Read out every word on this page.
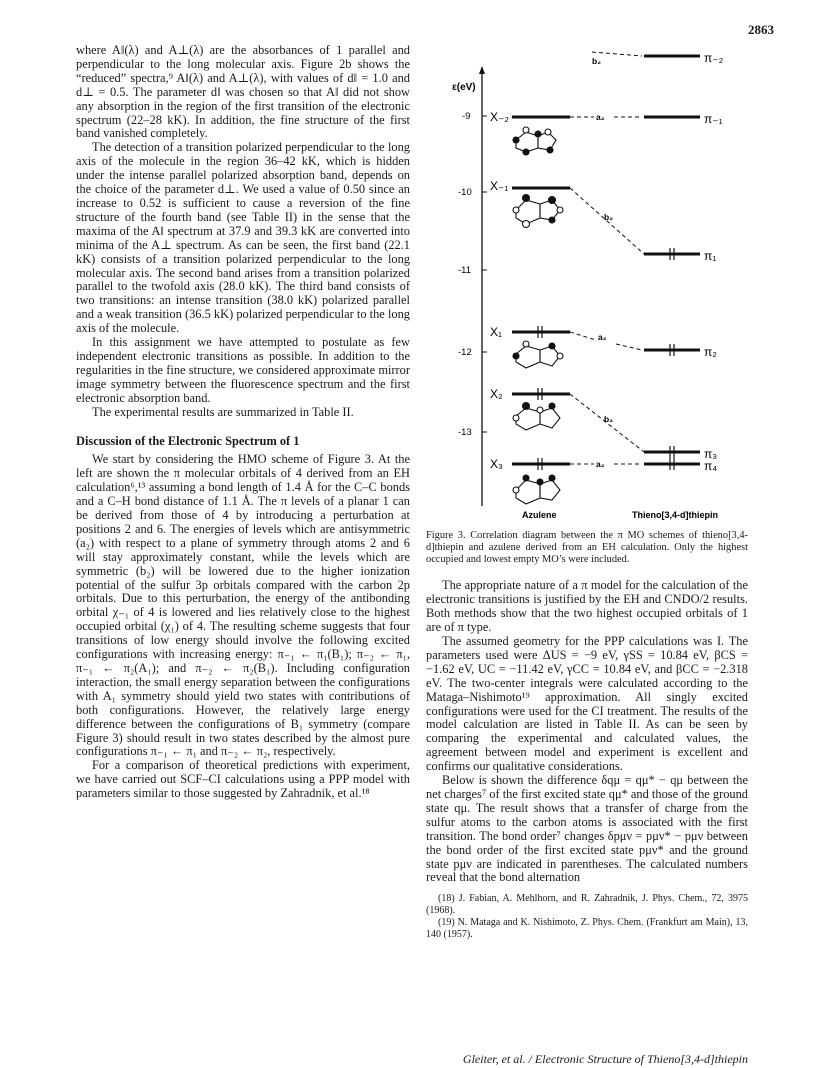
2863

where A‖(λ) and A⊥(λ) are the absorbances of 1 parallel and perpendicular to the long molecular axis. Figure 2b shows the “reduced” spectra,⁹ A‖(λ) and A⊥(λ), with values of d‖ = 1.0 and d⊥ = 0.5. The parameter d‖ was chosen so that A‖ did not show any absorption in the region of the first transition of the electronic spectrum (22–28 kK). In addition, the fine structure of the first band vanished completely.

The detection of a transition polarized perpendicular to the long axis of the molecule in the region 36–42 kK, which is hidden under the intense parallel polarized absorption band, depends on the choice of the parameter d⊥. We used a value of 0.50 since an increase to 0.52 is sufficient to cause a reversion of the fine structure of the fourth band (see Table II) in the sense that the maxima of the A‖ spectrum at 37.9 and 39.3 kK are converted into minima of the A⊥ spectrum. As can be seen, the first band (22.1 kK) consists of a transition polarized perpendicular to the long molecular axis. The second band arises from a transition polarized parallel to the twofold axis (28.0 kK). The third band consists of two transitions: an intense transition (38.0 kK) polarized parallel and a weak transition (36.5 kK) polarized perpendicular to the long axis of the molecule.

In this assignment we have attempted to postulate as few independent electronic transitions as possible. In addition to the regularities in the fine structure, we considered approximate mirror image symmetry between the fluorescence spectrum and the first electronic absorption band.

The experimental results are summarized in Table II.

Discussion of the Electronic Spectrum of 1

We start by considering the HMO scheme of Figure 3. At the left are shown the π molecular orbitals of 4 derived from an EH calculation⁶,¹³ assuming a bond length of 1.4 Å for the C–C bonds and a C–H bond distance of 1.1 Å. The π levels of a planar 1 can be derived from those of 4 by introducing a perturbation at positions 2 and 6. The energies of levels which are antisymmetric (a₂) with respect to a plane of symmetry through atoms 2 and 6 will stay approximately constant, while the levels which are symmetric (b₂) will be lowered due to the higher ionization potential of the sulfur 3p orbitals compared with the carbon 2p orbitals. Due to this perturbation, the energy of the antibonding orbital χ₋₁ of 4 is lowered and lies relatively close to the highest occupied orbital (χ₁) of 4. The resulting scheme suggests that four transitions of low energy should involve the following excited configurations with increasing energy: π₋₁ ← π₁(B₁); π₋₂ ← π₁, π₋₁ ← π₂(A₁); and π₋₂ ← π₂(B₁). Including configuration interaction, the small energy separation between the configurations with A₁ symmetry should yield two states with contributions of both configurations. However, the relatively large energy difference between the configurations of B₁ symmetry (compare Figure 3) should result in two states described by the almost pure configurations π₋₁ ← π₁ and π₋₂ ← π₂, respectively.

For a comparison of theoretical predictions with experiment, we have carried out SCF–CI calculations using a PPP model with parameters similar to those suggested by Zahradnik, et al.¹⁸

ε(eV)
-9
-10
-11
-12
-13
X₋₂
X₋₁
X₁
X₂
X₃
π₋₂
π₋₁
π₁
π₂
π₃
π₄
b₂
a₂
b₂
a₂
b₂
a₂
Azulene	Thieno[3,4-d]thiepin

Figure 3. Correlation diagram between the π MO schemes of thieno[3,4-d]thiepin and azulene derived from an EH calculation. Only the highest occupied and lowest empty MO’s were included.

The appropriate nature of a π model for the calculation of the electronic transitions is justified by the EH and CNDO/2 results. Both methods show that the two highest occupied orbitals of 1 are of π type.

The assumed geometry for the PPP calculations was I. The parameters used were ΔUS = −9 eV, γSS = 10.84 eV, βCS = −1.62 eV, UC = −11.42 eV, γCC = 10.84 eV, and βCC = −2.318 eV. The two-center integrals were calculated according to the Mataga–Nishimoto¹⁹ approximation. All singly excited configurations were used for the CI treatment. The results of the model calculation are listed in Table II. As can be seen by comparing the experimental and calculated values, the agreement between model and experiment is excellent and confirms our qualitative considerations.

Below is shown the difference δqμ = qμ* − qμ between the net charges⁷ of the first excited state qμ* and those of the ground state qμ. The result shows that a transfer of charge from the sulfur atoms to the carbon atoms is associated with the first transition. The bond order⁷ changes δpμν = pμν* − pμν between the bond order of the first excited state pμν* and the ground state pμν are indicated in parentheses. The calculated numbers reveal that the bond alternation

(18) J. Fabian, A. Mehlhorn, and R. Zahradnik, J. Phys. Chem., 72, 3975 (1968).

(19) N. Mataga and K. Nishimoto, Z. Phys. Chem. (Frankfurt am Main), 13, 140 (1957).

Gleiter, et al. / Electronic Structure of Thieno[3,4-d]thiepin
